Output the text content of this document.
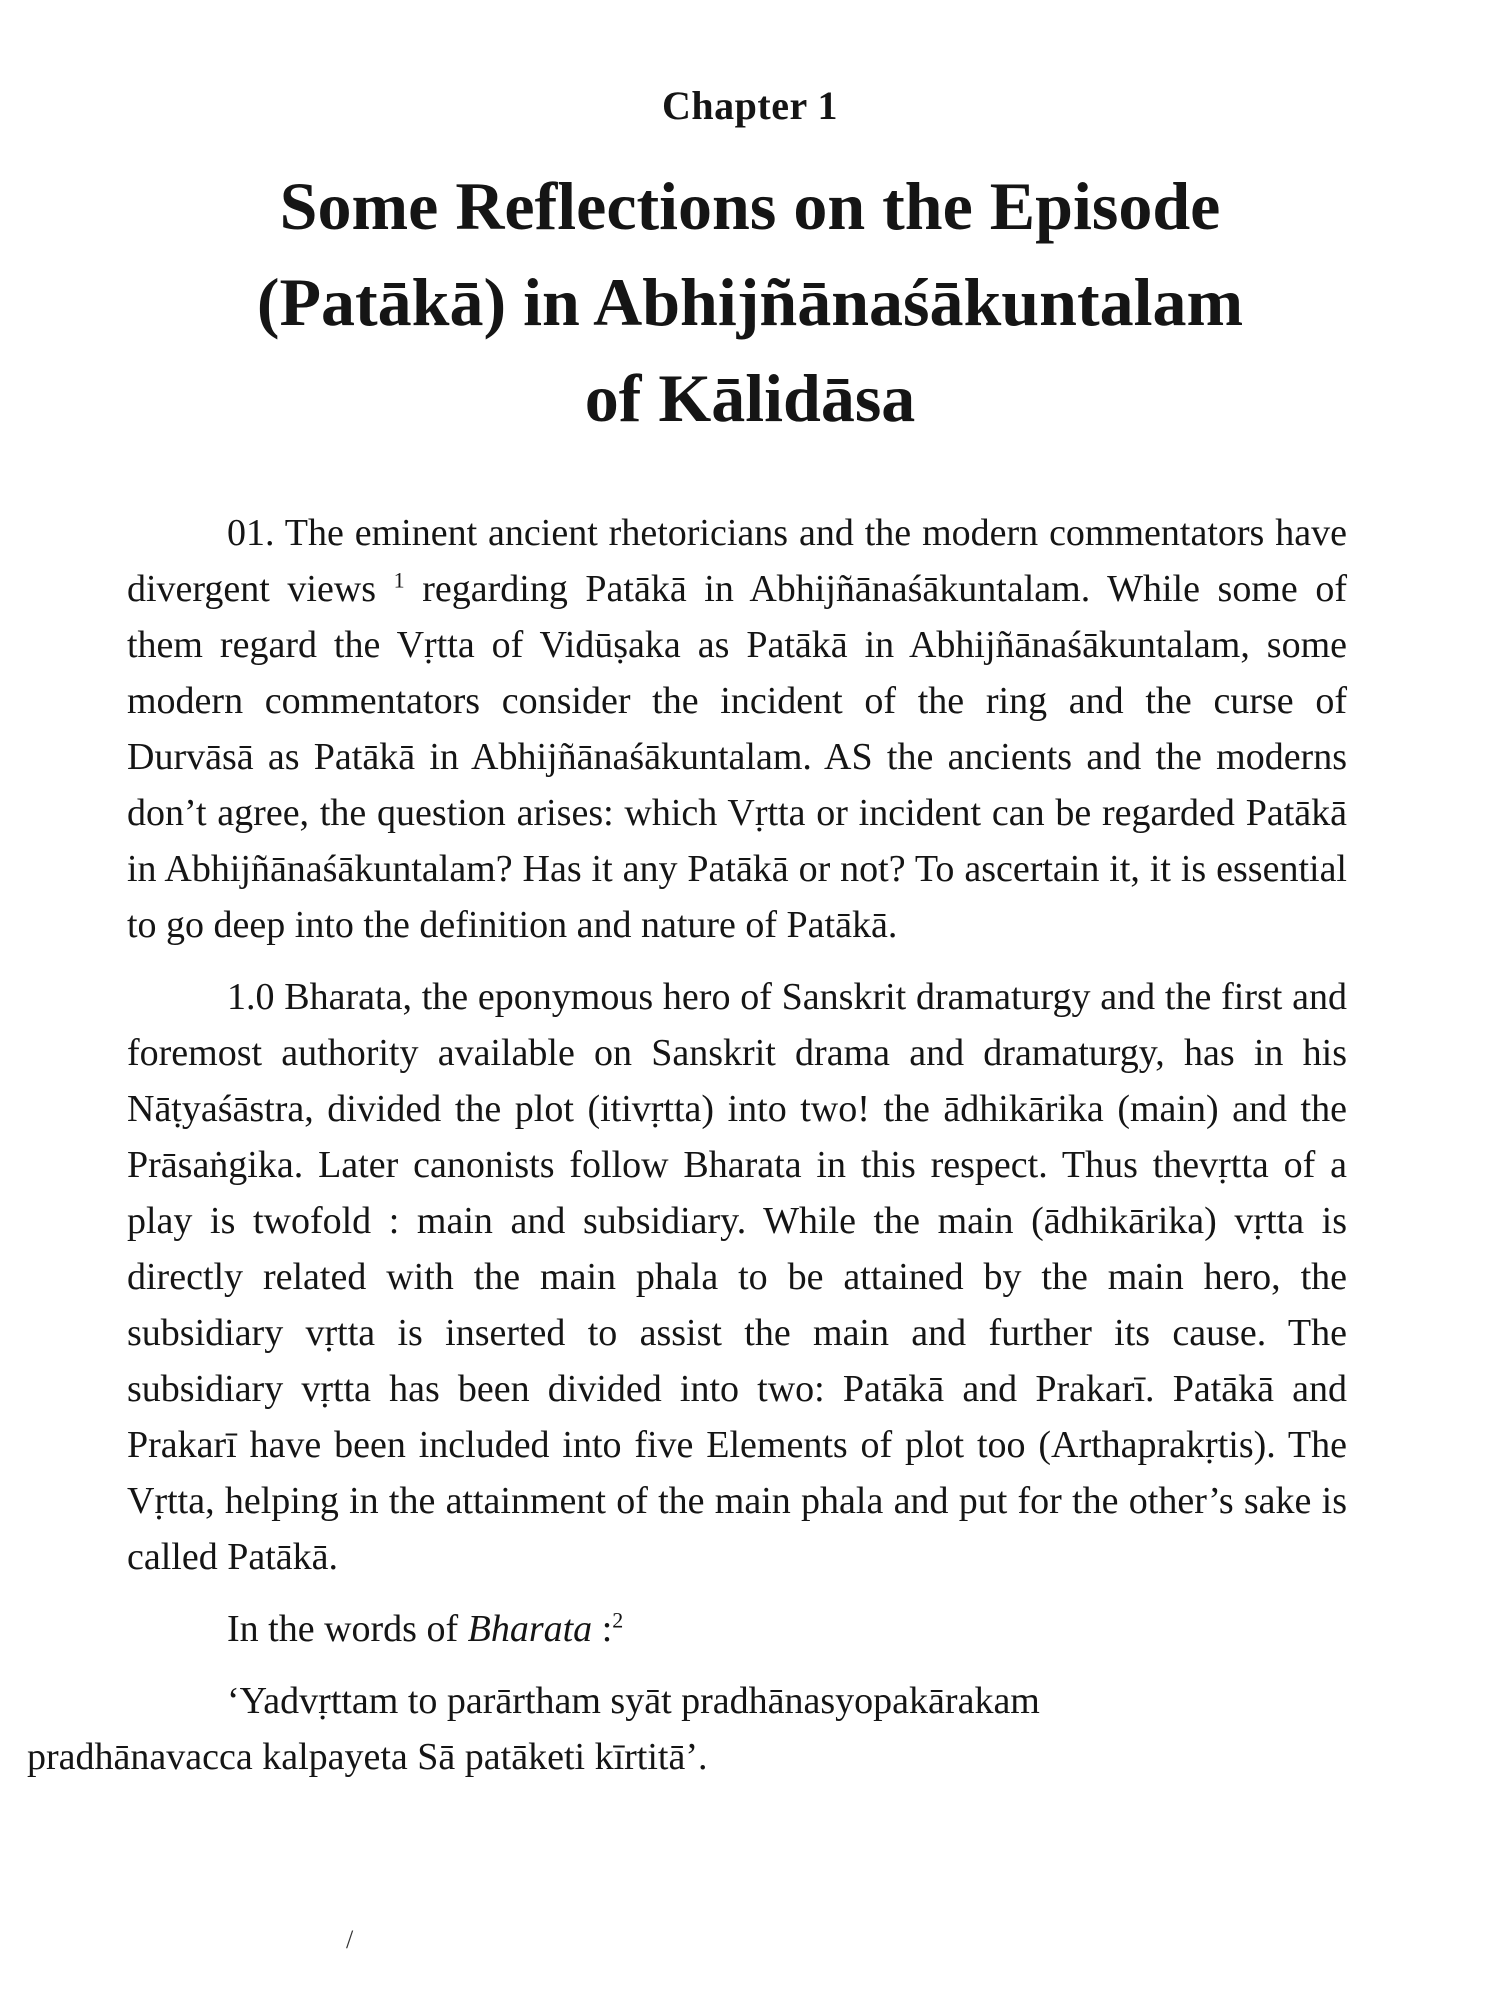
Chapter 1
Some Reflections on the Episode
(Patākā) in Abhijñānaśākuntalam
of Kālidāsa

01. The eminent ancient rhetoricians and the modern commentators have divergent views $^1$ regarding Patākā in Abhijñānaśākuntalam. While some of them regard the Vṛtta of Vidūṣaka as Patākā in Abhijñānaśākuntalam, some modern commentators consider the incident of the ring and the curse of Durvāsā as Patākā in Abhijñānaśākuntalam. AS the ancients and the moderns don’t agree, the question arises: which Vṛtta or incident can be regarded Patākā in Abhijñānaśākuntalam? Has it any Patākā or not? To ascertain it, it is essential to go deep into the definition and nature of Patākā.

1.0 Bharata, the eponymous hero of Sanskrit dramaturgy and the first and foremost authority available on Sanskrit drama and dramaturgy, has in his Nāṭyaśāstra, divided the plot (itivṛtta) into two! the ādhikārika (main) and the Prāsaṅgika. Later canonists follow Bharata in this respect. Thus thevṛtta of a play is twofold : main and subsidiary. While the main (ādhikārika) vṛtta is directly related with the main phala to be attained by the main hero, the subsidiary vṛtta is inserted to assist the main and further its cause. The subsidiary vṛtta has been divided into two: Patākā and Prakarī. Patākā and Prakarī have been included into five Elements of plot too (Arthaprakṛtis). The Vṛtta, helping in the attainment of the main phala and put for the other’s sake is called Patākā.

In the words of Bharata :$^2$

‘Yadvṛttam to parārtham syāt pradhānasyopakārakam
pradhānavacca kalpayeta Sā patāketi kīrtitā’.

/
